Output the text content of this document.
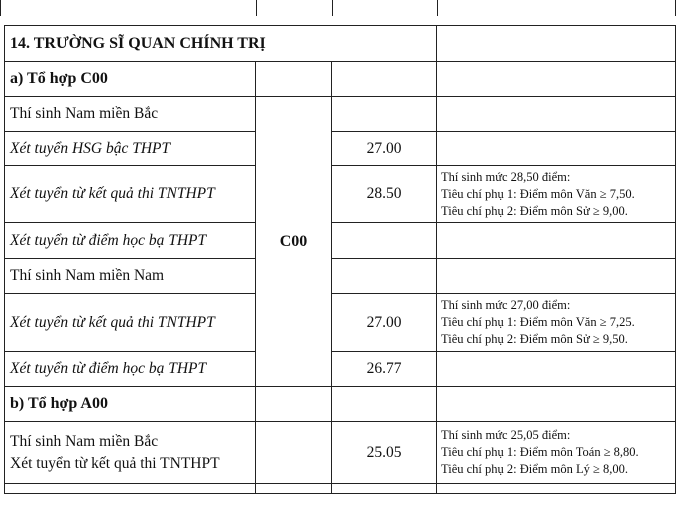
14. TRƯỜNG SĨ QUAN CHÍNH TRỊ			
a) Tổ hợp C00			
Thí sinh Nam miền Bắc	C00		
Xét tuyển HSG bậc THPT		27.00	
Xét tuyển từ kết quả thi TNTHPT		28.50	Thí sinh mức 28,50 điểm:
Tiêu chí phụ 1: Điểm môn Văn ≥ 7,50.
Tiêu chí phụ 2: Điểm môn Sử ≥ 9,00.

Xét tuyển từ điểm học bạ THPT			
Thí sinh Nam miền Nam			
Xét tuyển từ kết quả thi TNTHPT		27.00	Thí sinh mức 27,00 điểm:
Tiêu chí phụ 1: Điểm môn Văn ≥ 7,25.
Tiêu chí phụ 2: Điểm môn Sử ≥ 9,50.

Xét tuyển từ điểm học bạ THPT		26.77	
b) Tổ hợp A00			

Thí sinh Nam miền Bắc
Xét tuyển từ kết quả thi TNTHPT		25.05	Thí sinh mức 25,05 điểm:
Tiêu chí phụ 1: Điểm môn Toán ≥ 8,80.
Tiêu chí phụ 2: Điểm môn Lý ≥ 8,00.
